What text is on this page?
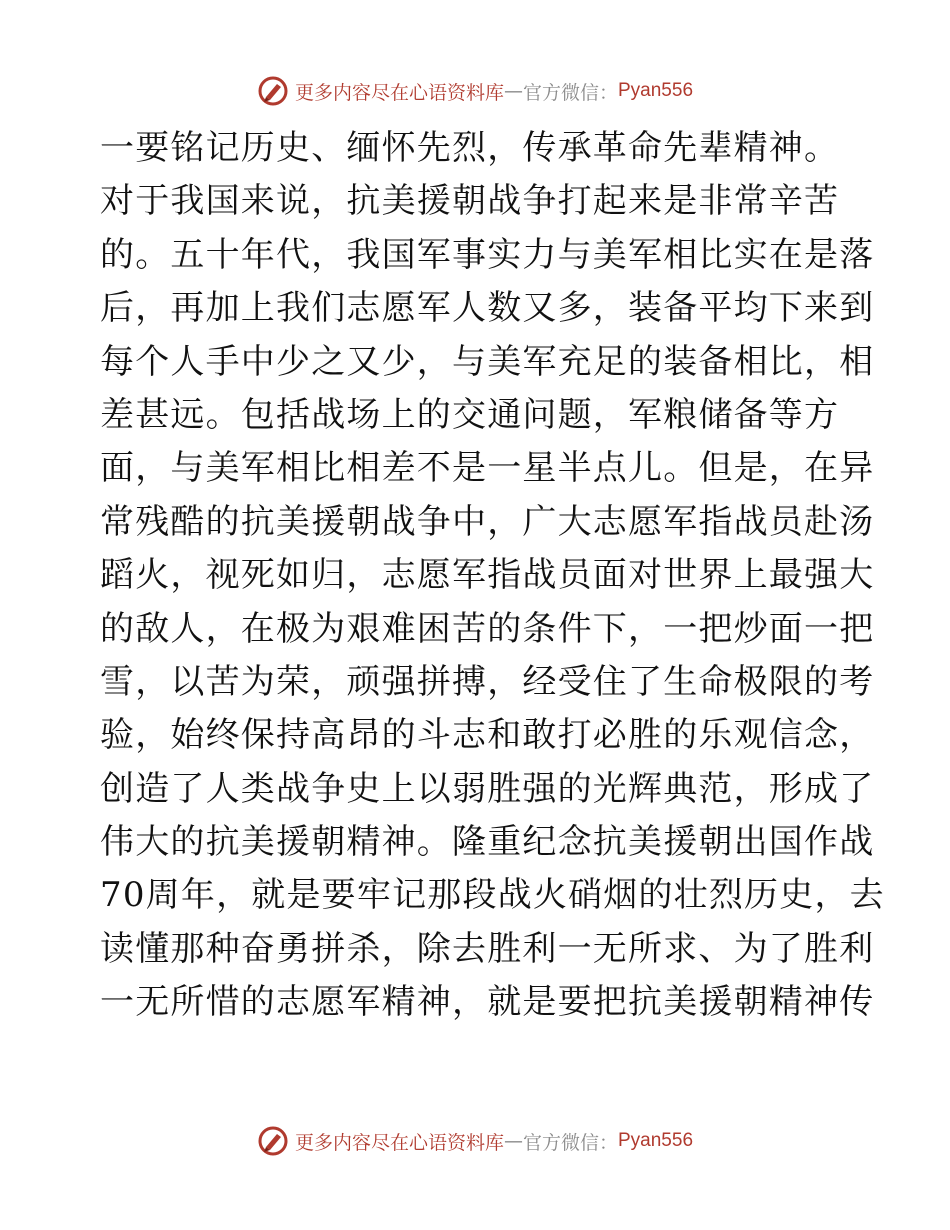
更多内容尽在心语资料库 — 官方微信： Pyan556
一要铭记历史、缅怀先烈，传承革命先辈精神。
对于我国来说，抗美援朝战争打起来是非常辛苦
的。五十年代，我国军事实力与美军相比实在是落
后，再加上我们志愿军人数又多，装备平均下来到
每个人手中少之又少，与美军充足的装备相比，相
差甚远。包括战场上的交通问题，军粮储备等方
面，与美军相比相差不是一星半点儿。但是，在异
常残酷的抗美援朝战争中，广大志愿军指战员赴汤
蹈火，视死如归，志愿军指战员面对世界上最强大
的敌人，在极为艰难困苦的条件下，一把炒面一把
雪，以苦为荣，顽强拼搏，经受住了生命极限的考
验，始终保持高昂的斗志和敢打必胜的乐观信念，
创造了人类战争史上以弱胜强的光辉典范，形成了
伟大的抗美援朝精神。隆重纪念抗美援朝出国作战
70周年，就是要牢记那段战火硝烟的壮烈历史，去
读懂那种奋勇拼杀，除去胜利一无所求、为了胜利
一无所惜的志愿军精神，就是要把抗美援朝精神传
更多内容尽在心语资料库 — 官方微信： Pyan556
